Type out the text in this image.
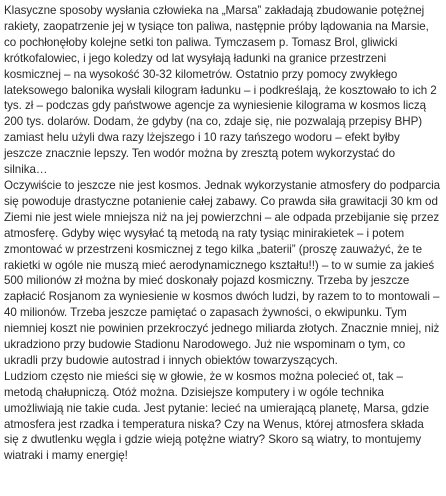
Klasyczne sposoby wysłania człowieka na „Marsa” zakładają zbudowanie potężnej rakiety, zaopatrzenie jej w tysiące ton paliwa, następnie próby lądowania na Marsie, co pochłonęłoby kolejne setki ton paliwa. Tymczasem p. Tomasz Brol, gliwicki krótkofalowiec, i jego koledzy od lat wysyłają ładunki na granice przestrzeni kosmicznej – na wysokość 30-32 kilometrów. Ostatnio przy pomocy zwykłego lateksowego balonika wysłali kilogram ładunku – i podkreślają, że kosztowało to ich 2 tys. zł – podczas gdy państwowe agencje za wyniesienie kilograma w kosmos liczą 200 tys. dolarów. Dodam, że gdyby (na co, zdaje się, nie pozwalają przepisy BHP) zamiast helu użyli dwa razy lżejszego i 10 razy tańszego wodoru – efekt byłby jeszcze znacznie lepszy. Ten wodór można by zresztą potem wykorzystać do silnika…

Oczywiście to jeszcze nie jest kosmos. Jednak wykorzystanie atmosfery do podparcia się powoduje drastyczne potanienie całej zabawy. Co prawda siła grawitacji 30 km od Ziemi nie jest wiele mniejsza niż na jej powierzchni – ale odpada przebijanie się przez atmosferę. Gdyby więc wysyłać tą metodą na raty tysiąc minirakietek – i potem zmontować w przestrzeni kosmicznej z tego kilka „baterii” (proszę zauważyć, że te rakietki w ogóle nie muszą mieć aerodynamicznego kształtu!!) – to w sumie za jakieś 500 milionów zł można by mieć doskonały pojazd kosmiczny. Trzeba by jeszcze zapłacić Rosjanom za wyniesienie w kosmos dwóch ludzi, by razem to to montowali – 40 milionów. Trzeba jeszcze pamiętać o zapasach żywności, o ekwipunku. Tym niemniej koszt nie powinien przekroczyć jednego miliarda złotych. Znacznie mniej, niż ukradziono przy budowie Stadionu Narodowego. Już nie wspominam o tym, co ukradli przy budowie autostrad i innych obiektów towarzyszących.

Ludziom często nie mieści się w głowie, że w kosmos można polecieć ot, tak – metodą chałupniczą. Otóż można. Dzisiejsze komputery i w ogóle technika umożliwiają nie takie cuda. Jest pytanie: lecieć na umierającą planetę, Marsa, gdzie atmosfera jest rzadka i temperatura niska? Czy na Wenus, której atmosfera składa się z dwutlenku węgla i gdzie wieją potężne wiatry? Skoro są wiatry, to montujemy wiatraki i mamy energię!
